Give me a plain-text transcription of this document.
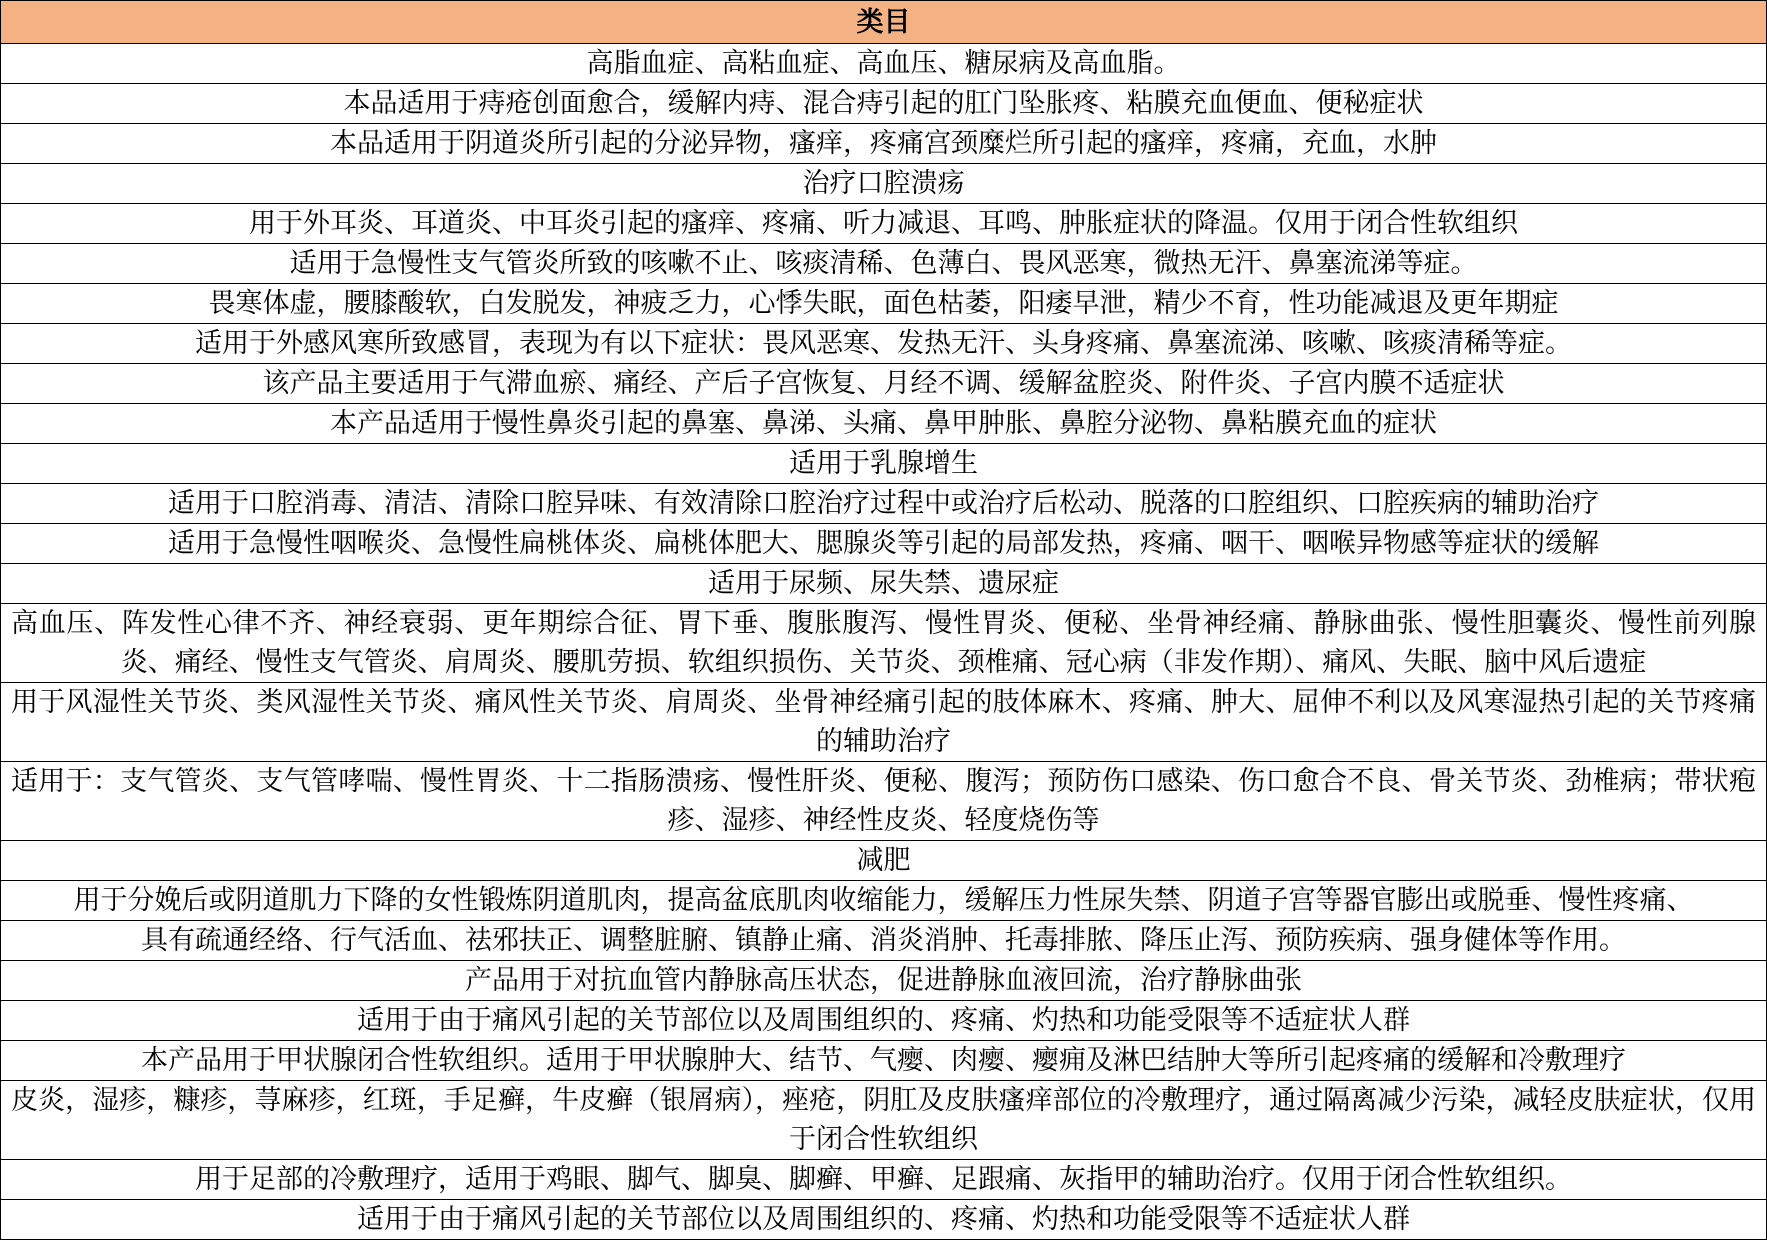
类目
高脂血症、高粘血症、高血压、糖尿病及高血脂。
本品适用于痔疮创面愈合，缓解内痔、混合痔引起的肛门坠胀疼、粘膜充血便血、便秘症状
本品适用于阴道炎所引起的分泌异物，瘙痒，疼痛宫颈糜烂所引起的瘙痒，疼痛，充血，水肿
治疗口腔溃疡
用于外耳炎、耳道炎、中耳炎引起的瘙痒、疼痛、听力减退、耳鸣、肿胀症状的降温。仅用于闭合性软组织
适用于急慢性支气管炎所致的咳嗽不止、咳痰清稀、色薄白、畏风恶寒，微热无汗、鼻塞流涕等症。
畏寒体虚，腰膝酸软，白发脱发，神疲乏力，心悸失眠，面色枯萎，阳痿早泄，精少不育，性功能减退及更年期症
适用于外感风寒所致感冒，表现为有以下症状：畏风恶寒、发热无汗、头身疼痛、鼻塞流涕、咳嗽、咳痰清稀等症。
该产品主要适用于气滞血瘀、痛经、产后子宫恢复、月经不调、缓解盆腔炎、附件炎、子宫内膜不适症状
本产品适用于慢性鼻炎引起的鼻塞、鼻涕、头痛、鼻甲肿胀、鼻腔分泌物、鼻粘膜充血的症状
适用于乳腺增生
适用于口腔消毒、清洁、清除口腔异味、有效清除口腔治疗过程中或治疗后松动、脱落的口腔组织、口腔疾病的辅助治疗
适用于急慢性咽喉炎、急慢性扁桃体炎、扁桃体肥大、腮腺炎等引起的局部发热，疼痛、咽干、咽喉异物感等症状的缓解
适用于尿频、尿失禁、遗尿症
高血压、阵发性心律不齐、神经衰弱、更年期综合征、胃下垂、腹胀腹泻、慢性胃炎、便秘、坐骨神经痛、静脉曲张、慢性胆囊炎、慢性前列腺炎、痛经、慢性支气管炎、肩周炎、腰肌劳损、软组织损伤、关节炎、颈椎痛、冠心病（非发作期）、痛风、失眠、脑中风后遗症
用于风湿性关节炎、类风湿性关节炎、痛风性关节炎、肩周炎、坐骨神经痛引起的肢体麻木、疼痛、肿大、屈伸不利以及风寒湿热引起的关节疼痛的辅助治疗
适用于：支气管炎、支气管哮喘、慢性胃炎、十二指肠溃疡、慢性肝炎、便秘、腹泻；预防伤口感染、伤口愈合不良、骨关节炎、劲椎病；带状疱疹、湿疹、神经性皮炎、轻度烧伤等
减肥
用于分娩后或阴道肌力下降的女性锻炼阴道肌肉，提高盆底肌肉收缩能力，缓解压力性尿失禁、阴道子宫等器官膨出或脱垂、慢性疼痛、
具有疏通经络、行气活血、祛邪扶正、调整脏腑、镇静止痛、消炎消肿、托毒排脓、降压止泻、预防疾病、强身健体等作用。
产品用于对抗血管内静脉高压状态，促进静脉血液回流，治疗静脉曲张
适用于由于痛风引起的关节部位以及周围组织的、疼痛、灼热和功能受限等不适症状人群
本产品用于甲状腺闭合性软组织。适用于甲状腺肿大、结节、气瘿、肉瘿、瘿痈及淋巴结肿大等所引起疼痛的缓解和冷敷理疗
皮炎，湿疹，糠疹，荨麻疹，红斑，手足癣，牛皮癣（银屑病），痤疮，阴肛及皮肤瘙痒部位的冷敷理疗，通过隔离减少污染，减轻皮肤症状，仅用于闭合性软组织
用于足部的冷敷理疗，适用于鸡眼、脚气、脚臭、脚癣、甲癣、足跟痛、灰指甲的辅助治疗。仅用于闭合性软组织。
适用于由于痛风引起的关节部位以及周围组织的、疼痛、灼热和功能受限等不适症状人群
